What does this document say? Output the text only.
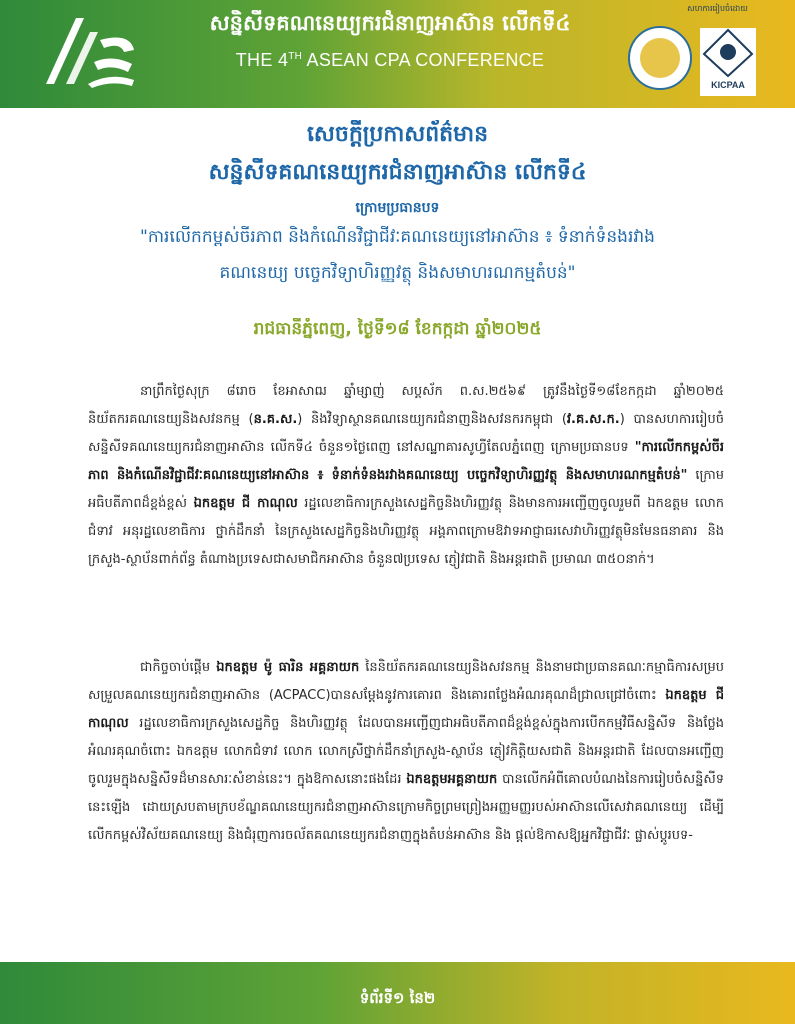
សន្និសីទគណនេយ្យករជំនាញអាស៊ាន លើកទី៤
THE 4TH ASEAN CPA CONFERENCE
សហការរៀបចំដោយ
KICPAA
សេចក្តីប្រកាសព័ត៌មាន
សន្និសីទគណនេយ្យករជំនាញអាស៊ាន លើកទី៤
ក្រោមប្រធានបទ
"ការលើកកម្ពស់ចីរភាព និងកំណើនវិជ្ជាជីវៈគណនេយ្យនៅអាស៊ាន ៖ ទំនាក់ទំនងរវាង
គណនេយ្យ បច្ចេកវិទ្យាហិរញ្ញវត្ថុ និងសមាហរណកម្មតំបន់"
រាជធានីភ្នំពេញ, ថ្ងៃទី១៨ ខែកក្កដា ឆ្នាំ២០២៥
នាព្រឹកថ្ងៃសុក្រ ៨រោច ខែអាសាឍ ឆ្នាំម្សាញ់ សប្តស័ក ព.ស.២៥៦៩ ត្រូវនឹងថ្ងៃទី១៨ខែកក្កដា ឆ្នាំ២០២៥ និយ័តករគណនេយ្យនិងសវនកម្ម (ន.គ.ស.) និងវិទ្យាស្ថានគណនេយ្យករជំនាញនិងសវនករកម្ពុជា (វ.គ.ស.ក.) បានសហការរៀបចំសន្និសីទគណនេយ្យករជំនាញអាស៊ាន លើកទី៤ ចំនួន១ថ្ងៃពេញ នៅសណ្ឋាគារសូហ្វីតែលភ្នំពេញ ក្រោមប្រធានបទ "ការលើកកម្ពស់ចីរភាព និងកំណើនវិជ្ជាជីវៈគណនេយ្យនៅអាស៊ាន ៖ ទំនាក់ទំនងរវាងគណនេយ្យ បច្ចេកវិទ្យាហិរញ្ញវត្ថុ និងសមាហរណកម្មតំបន់" ក្រោមអធិបតីភាពដ៏ខ្ពង់ខ្ពស់ ឯកឧត្តម ជី កាណុល រដ្ឋលេខាធិការក្រសួងសេដ្ឋកិច្ចនិងហិរញ្ញវត្ថុ និងមានការអញ្ជើញចូលរួមពី ឯកឧត្តម លោកជំទាវ អនុរដ្ឋលេខាធិការ ថ្នាក់ដឹកនាំ នៃក្រសួងសេដ្ឋកិច្ចនិងហិរញ្ញវត្ថុ អង្គភាពក្រោមឱវាទអាជ្ញាធរសេវាហិរញ្ញវត្ថុមិនមែនធនាគារ និងក្រសួង-ស្ថាប័នពាក់ព័ន្ធ តំណាងប្រទេសជាសមាជិកអាស៊ាន ចំនួន៧ប្រទេស ភ្ញៀវជាតិ និងអន្តរជាតិ ប្រមាណ ៣៥០នាក់។
ជាកិច្ចចាប់ផ្តើម ឯកឧត្តម ម៉ូ ធារិន អគ្គនាយក នៃនិយ័តករគណនេយ្យនិងសវនកម្ម និងនាមជាប្រធានគណៈកម្មាធិការសម្របសម្រួលគណនេយ្យករជំនាញអាស៊ាន (ACPACC)បានសម្តែងនូវការគោរព និងគោរពថ្លែងអំណរគុណដ៏ជ្រាលជ្រៅចំពោះ ឯកឧត្តម ជី កាណុល រដ្ឋលេខាធិការក្រសួងសេដ្ឋកិច្ច និងហិរញ្ញវត្ថុ ដែលបានអញ្ជើញជាអធិបតីភាពដ៏ខ្ពង់ខ្ពស់ក្នុងការបើកកម្មវិធីសន្និសីទ និងថ្លែងអំណរគុណចំពោះ ឯកឧត្តម លោកជំទាវ លោក លោកស្រីថ្នាក់ដឹកនាំក្រសួង-ស្ថាប័ន ភ្ញៀវកិត្តិយសជាតិ និងអន្តរជាតិ ដែលបានអញ្ជើញចូលរួមក្នុងសន្និសីទដ៏មានសារៈសំខាន់នេះ។ ក្នុងឱកាសនោះផងដែរ ឯកឧត្តមអគ្គនាយក បានលើកអំពីគោលបំណងនៃការរៀបចំសន្និសីទនេះឡើង ដោយស្របតាមក្របខ័ណ្ឌគណនេយ្យករជំនាញអាស៊ានក្រោមកិច្ចព្រមព្រៀងអញ្ញមញ្ញរបស់អាស៊ានលើសេវាគណនេយ្យ ដើម្បីលើកកម្ពស់វិស័យគណនេយ្យ និងជំរុញការចល័តគណនេយ្យករជំនាញក្នុងតំបន់អាស៊ាន និង ផ្តល់ឱកាសឱ្យអ្នកវិជ្ជាជីវៈ ផ្លាស់ប្តូរបទ-
ទំព័រទី១ នៃ២
